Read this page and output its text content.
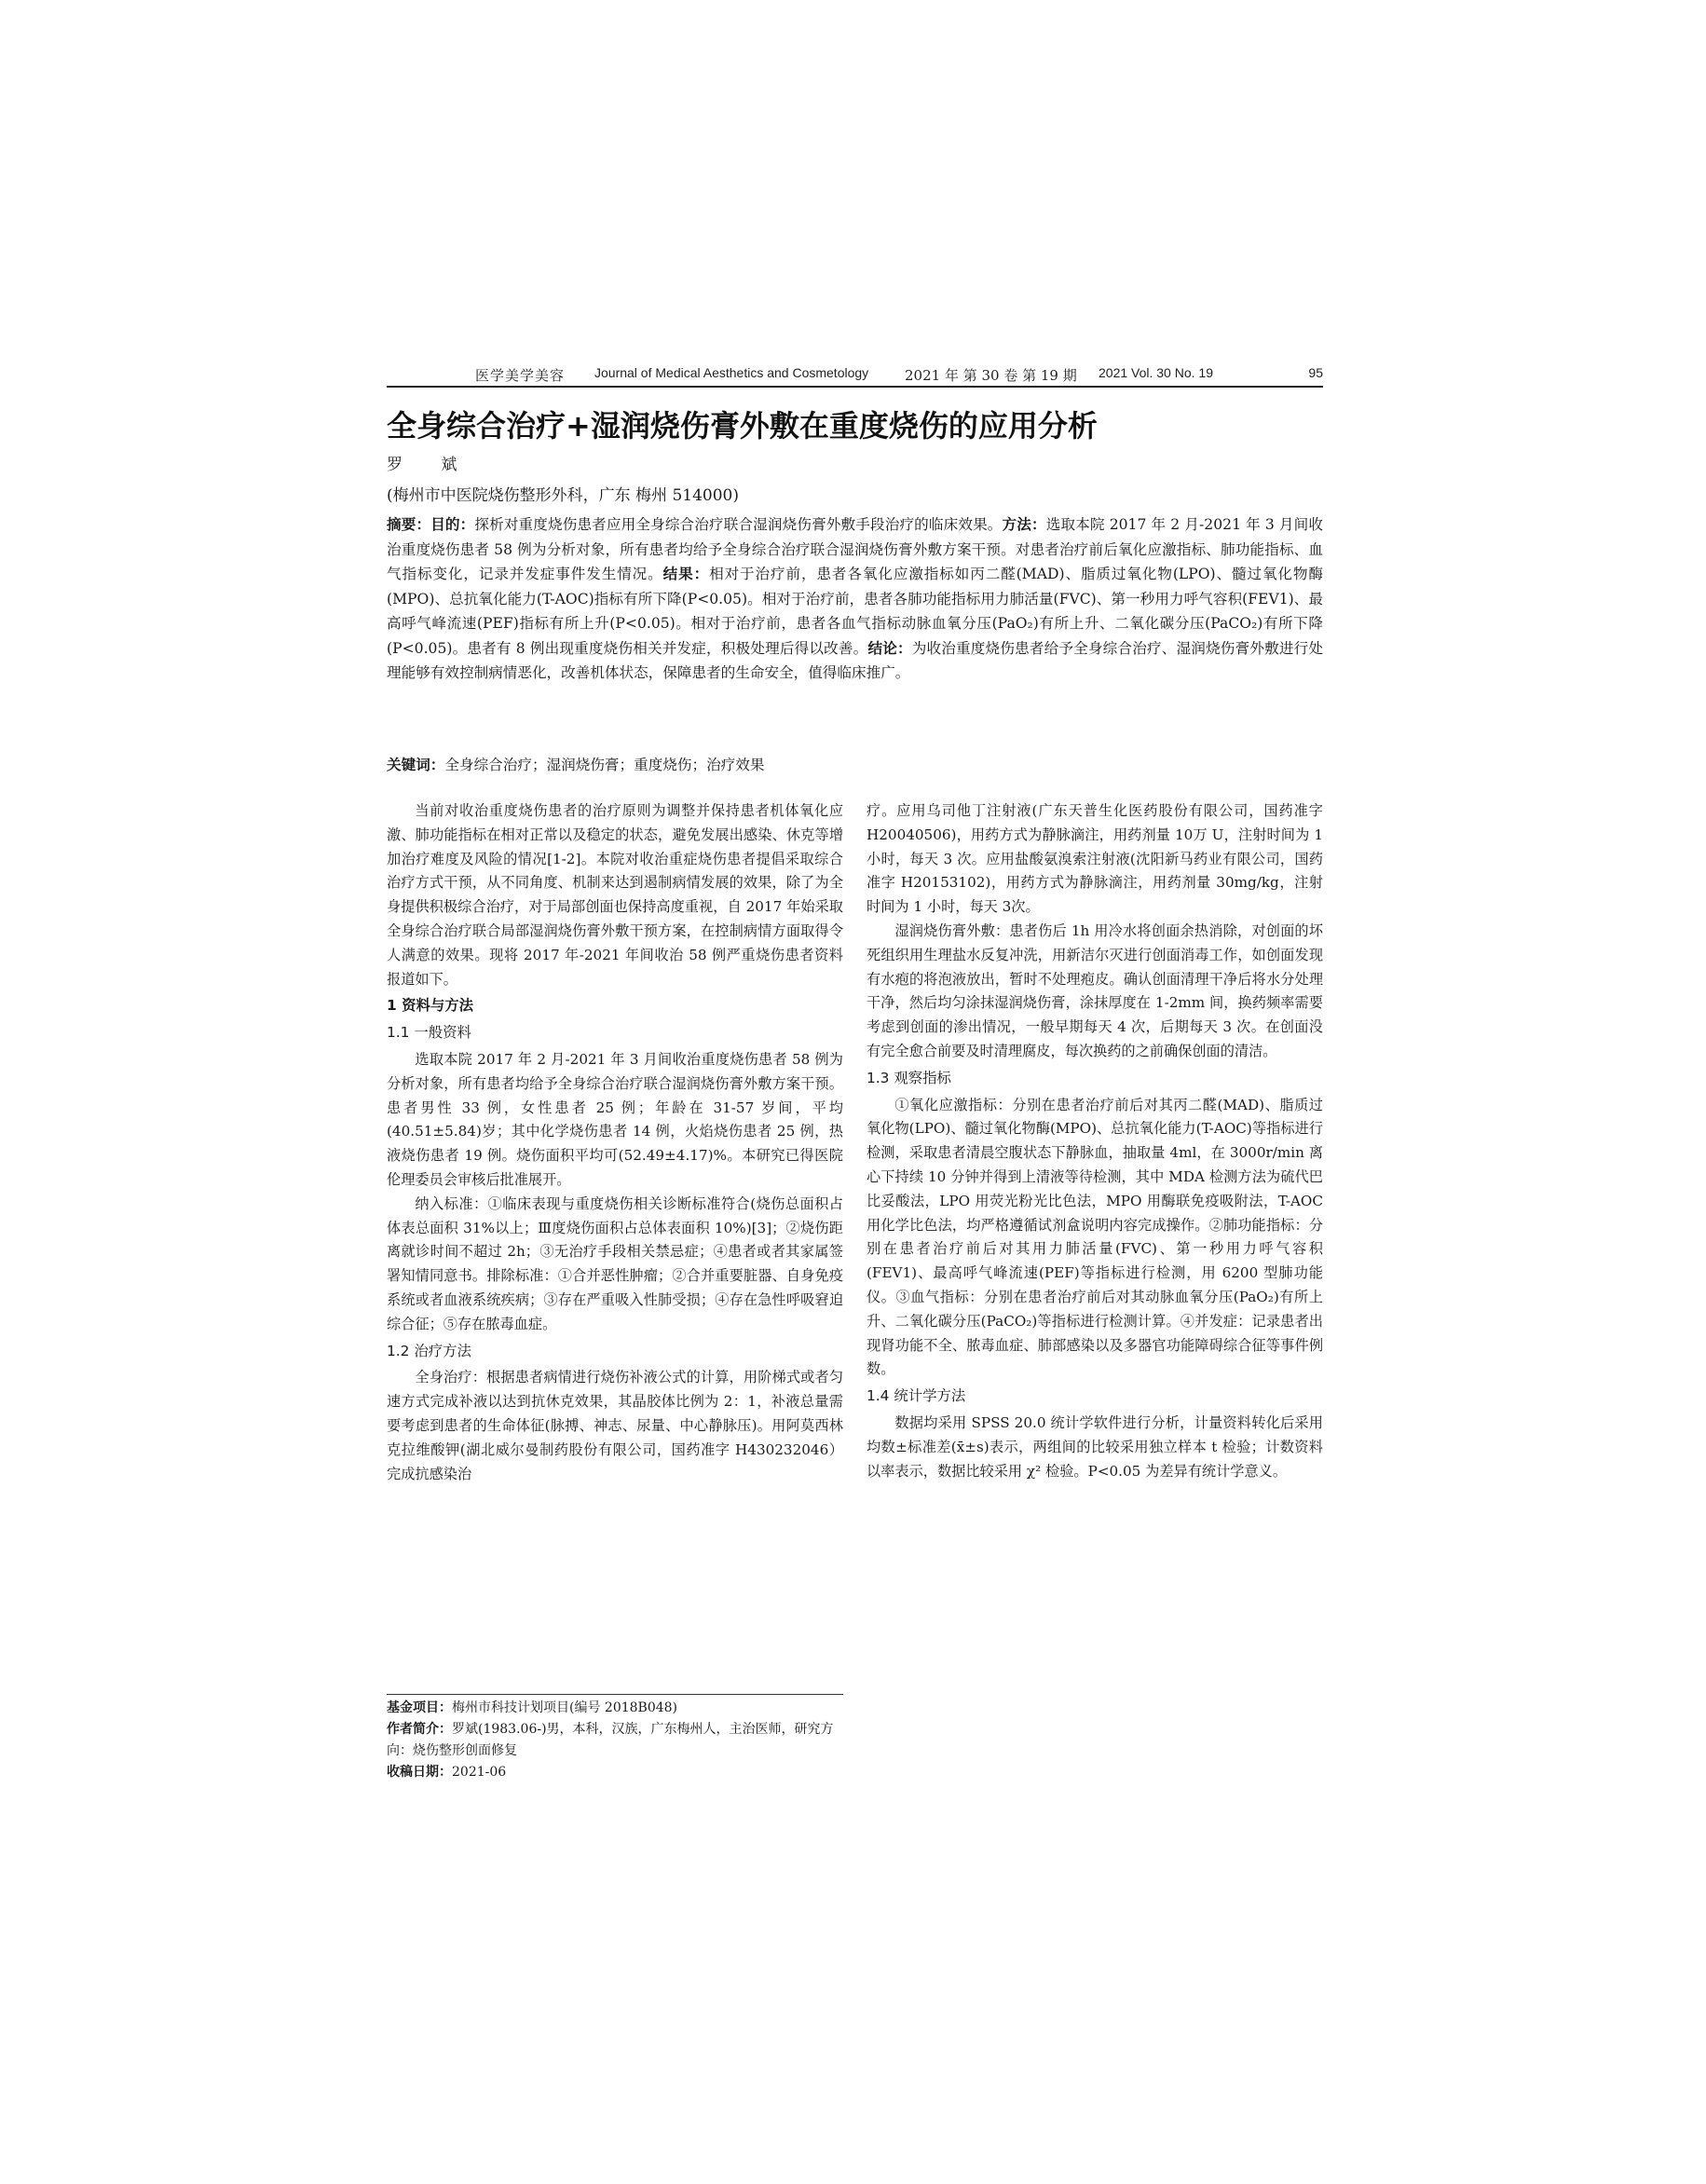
医学美学美容 Journal of Medical Aesthetics and Cosmetology	2021 年 第 30 卷 第 19 期 2021 Vol. 30 No. 19	95
全身综合治疗+湿润烧伤膏外敷在重度烧伤的应用分析
罗 斌
(梅州市中医院烧伤整形外科，广东 梅州 514000)
摘要：目的：探析对重度烧伤患者应用全身综合治疗联合湿润烧伤膏外敷手段治疗的临床效果。方法：选取本院 2017 年 2 月-2021 年 3 月间收治重度烧伤患者 58 例为分析对象，所有患者均给予全身综合治疗联合湿润烧伤膏外敷方案干预。对患者治疗前后氧化应激指标、肺功能指标、血气指标变化，记录并发症事件发生情况。结果：相对于治疗前，患者各氧化应激指标如丙二醛(MAD)、脂质过氧化物(LPO)、髓过氧化物酶(MPO)、总抗氧化能力(T-AOC)指标有所下降(P<0.05)。相对于治疗前，患者各肺功能指标用力肺活量(FVC)、第一秒用力呼气容积(FEV1)、最高呼气峰流速(PEF)指标有所上升(P<0.05)。相对于治疗前，患者各血气指标动脉血氧分压(PaO₂)有所上升、二氧化碳分压(PaCO₂)有所下降(P<0.05)。患者有 8 例出现重度烧伤相关并发症，积极处理后得以改善。结论：为收治重度烧伤患者给予全身综合治疗、湿润烧伤膏外敷进行处理能够有效控制病情恶化，改善机体状态，保障患者的生命安全，值得临床推广。
关键词：全身综合治疗；湿润烧伤膏；重度烧伤；治疗效果

当前对收治重度烧伤患者的治疗原则为调整并保持患者机体氧化应激、肺功能指标在相对正常以及稳定的状态，避免发展出感染、休克等增加治疗难度及风险的情况[1-2]。本院对收治重症烧伤患者提倡采取综合治疗方式干预，从不同角度、机制来达到遏制病情发展的效果，除了为全身提供积极综合治疗，对于局部创面也保持高度重视，自 2017 年始采取全身综合治疗联合局部湿润烧伤膏外敷干预方案，在控制病情方面取得令人满意的效果。现将 2017 年-2021 年间收治 58 例严重烧伤患者资料报道如下。

1 资料与方法
1.1 一般资料

选取本院 2017 年 2 月-2021 年 3 月间收治重度烧伤患者 58 例为分析对象，所有患者均给予全身综合治疗联合湿润烧伤膏外敷方案干预。患者男性 33 例，女性患者 25 例；年龄在 31-57 岁间，平均(40.51±5.84)岁；其中化学烧伤患者 14 例，火焰烧伤患者 25 例，热液烧伤患者 19 例。烧伤面积平均可(52.49±4.17)%。本研究已得医院伦理委员会审核后批准展开。

纳入标准：①临床表现与重度烧伤相关诊断标准符合(烧伤总面积占体表总面积 31%以上；Ⅲ度烧伤面积占总体表面积 10%)[3]；②烧伤距离就诊时间不超过 2h；③无治疗手段相关禁忌症；④患者或者其家属签署知情同意书。排除标准：①合并恶性肿瘤；②合并重要脏器、自身免疫系统或者血液系统疾病；③存在严重吸入性肺受损；④存在急性呼吸窘迫综合征；⑤存在脓毒血症。

1.2 治疗方法

全身治疗：根据患者病情进行烧伤补液公式的计算，用阶梯式或者匀速方式完成补液以达到抗休克效果，其晶胶体比例为 2：1，补液总量需要考虑到患者的生命体征(脉搏、神志、尿量、中心静脉压)。用阿莫西林克拉维酸钾(湖北威尔曼制药股份有限公司，国药准字 H430232046）完成抗感染治

基金项目：梅州市科技计划项目(编号 2018B048)
作者简介：罗斌(1983.06-)男，本科，汉族，广东梅州人，主治医师，研究方向：烧伤整形创面修复
收稿日期：2021-06

疗。应用乌司他丁注射液(广东天普生化医药股份有限公司，国药准字 H20040506)，用药方式为静脉滴注，用药剂量 10万 U，注射时间为 1 小时，每天 3 次。应用盐酸氨溴索注射液(沈阳新马药业有限公司，国药准字 H20153102)，用药方式为静脉滴注，用药剂量 30mg/kg，注射时间为 1 小时，每天 3次。

湿润烧伤膏外敷：患者伤后 1h 用冷水将创面余热消除，对创面的坏死组织用生理盐水反复冲洗，用新洁尔灭进行创面消毒工作，如创面发现有水疱的将泡液放出，暂时不处理疱皮。确认创面清理干净后将水分处理干净，然后均匀涂抹湿润烧伤膏，涂抹厚度在 1-2mm 间，换药频率需要考虑到创面的渗出情况，一般早期每天 4 次，后期每天 3 次。在创面没有完全愈合前要及时清理腐皮，每次换药的之前确保创面的清洁。

1.3 观察指标

①氧化应激指标：分别在患者治疗前后对其丙二醛(MAD)、脂质过氧化物(LPO)、髓过氧化物酶(MPO)、总抗氧化能力(T-AOC)等指标进行检测，采取患者清晨空腹状态下静脉血，抽取量 4ml，在 3000r/min 离心下持续 10 分钟并得到上清液等待检测，其中 MDA 检测方法为硫代巴比妥酸法，LPO 用荧光粉光比色法，MPO 用酶联免疫吸附法，T-AOC 用化学比色法，均严格遵循试剂盒说明内容完成操作。②肺功能指标：分别在患者治疗前后对其用力肺活量(FVC)、第一秒用力呼气容积(FEV1)、最高呼气峰流速(PEF)等指标进行检测，用 6200 型肺功能仪。③血气指标：分别在患者治疗前后对其动脉血氧分压(PaO₂)有所上升、二氧化碳分压(PaCO₂)等指标进行检测计算。④并发症：记录患者出现肾功能不全、脓毒血症、肺部感染以及多器官功能障碍综合征等事件例数。

1.4 统计学方法

数据均采用 SPSS 20.0 统计学软件进行分析，计量资料转化后采用均数±标准差(x̄±s)表示，两组间的比较采用独立样本 t 检验；计数资料以率表示，数据比较采用 χ² 检验。P<0.05 为差异有统计学意义。
